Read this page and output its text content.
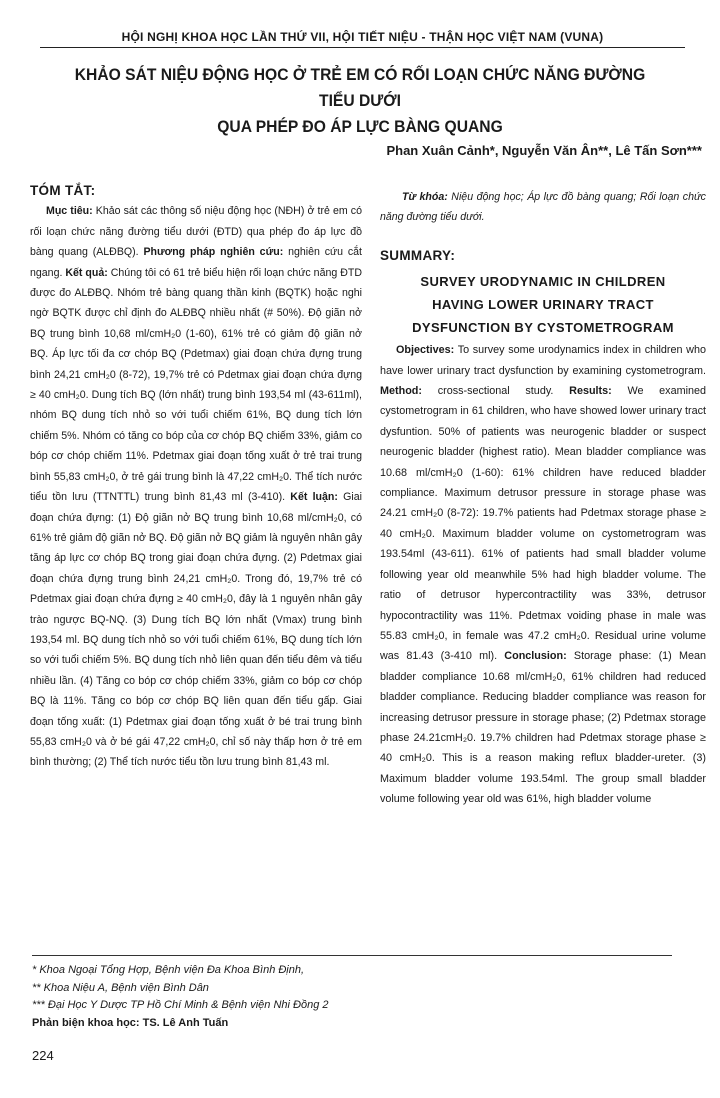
HỘI NGHỊ KHOA HỌC LẦN THỨ VII, HỘI TIẾT NIỆU - THẬN HỌC VIỆT NAM (VUNA)
KHẢO SÁT NIỆU ĐỘNG HỌC Ở TRẺ EM CÓ RỐI LOẠN CHỨC NĂNG ĐƯỜNG TIỂU DƯỚI
QUA PHÉP ĐO ÁP LỰC BÀNG QUANG
Phan Xuân Cảnh*, Nguyễn Văn Ân**, Lê Tấn Sơn***
TÓM TẮT:

Mục tiêu: Khảo sát các thông số niệu động học (NĐH) ở trẻ em có rối loạn chức năng đường tiểu dưới (ĐTD) qua phép đo áp lực đồ bàng quang (ALĐBQ). Phương pháp nghiên cứu: nghiên cứu cắt ngang. Kết quả: Chúng tôi có 61 trẻ biểu hiện rối loạn chức năng ĐTD được đo ALĐBQ. Nhóm trẻ bàng quang thần kinh (BQTK) hoặc nghi ngờ BQTK được chỉ định đo ALĐBQ nhiều nhất (# 50%). Độ giãn nở BQ trung bình 10,68 ml/cmH₂0 (1-60), 61% trẻ có giảm độ giãn nở BQ. Áp lực tối đa cơ chóp BQ (Pdetmax) giai đoạn chứa đựng trung bình 24,21 cmH₂0 (8-72), 19,7% trẻ có Pdetmax giai đoạn chứa đựng ≥ 40 cmH₂0. Dung tích BQ (lớn nhất) trung bình 193,54 ml (43-611ml), nhóm BQ dung tích nhỏ so với tuổi chiếm 61%, BQ dung tích lớn chiếm 5%. Nhóm có tăng co bóp của cơ chóp BQ chiếm 33%, giảm co bóp cơ chóp chiếm 11%. Pdetmax giai đoạn tống xuất ở trẻ trai trung bình 55,83 cmH₂0, ở trẻ gái trung bình là 47,22 cmH₂0. Thể tích nước tiểu tồn lưu (TTNTTL) trung bình 81,43 ml (3-410). Kết luận: Giai đoạn chứa đựng: (1) Độ giãn nở BQ trung bình 10,68 ml/cmH₂0, có 61% trẻ giảm độ giãn nở BQ. Độ giãn nở BQ giảm là nguyên nhân gây tăng áp lực cơ chóp BQ trong giai đoạn chứa đựng. (2) Pdetmax giai đoạn chứa đựng trung bình 24,21 cmH₂0. Trong đó, 19,7% trẻ có Pdetmax giai đoạn chứa đựng ≥ 40 cmH₂0, đây là 1 nguyên nhân gây trào ngược BQ-NQ. (3) Dung tích BQ lớn nhất (Vmax) trung bình 193,54 ml. BQ dung tích nhỏ so với tuổi chiếm 61%, BQ dung tích lớn so với tuổi chiếm 5%. BQ dung tích nhỏ liên quan đến tiểu đêm và tiểu nhiều lần. (4) Tăng co bóp cơ chóp chiếm 33%, giảm co bóp cơ chóp BQ là 11%. Tăng co bóp cơ chóp BQ liên quan đến tiểu gấp. Giai đoạn tống xuất: (1) Pdetmax giai đoạn tống xuất ở bé trai trung bình 55,83 cmH₂0 và ở bé gái 47,22 cmH₂0, chỉ số này thấp hơn ở trẻ em bình thường; (2) Thể tích nước tiểu tồn lưu trung bình 81,43 ml.

Từ khóa: Niệu động học; Áp lực đồ bàng quang; Rối loạn chức năng đường tiểu dưới.

SUMMARY:
SURVEY URODYNAMIC IN CHILDREN
HAVING LOWER URINARY TRACT
DYSFUNCTION BY CYSTOMETROGRAM

Objectives: To survey some urodynamics index in children who have lower urinary tract dysfunction by examining cystometrogram. Method: cross-sectional study. Results: We examined cystometrogram in 61 children, who have showed lower urinary tract dysfuntion. 50% of patients was neurogenic bladder or suspect neurogenic bladder (highest ratio). Mean bladder compliance was 10.68 ml/cmH₂0 (1-60): 61% children have reduced bladder compliance. Maximum detrusor pressure in storage phase was 24.21 cmH₂0 (8-72): 19.7% patients had Pdetmax storage phase ≥ 40 cmH₂0. Maximum bladder volume on cystometrogram was 193.54ml (43-611). 61% of patients had small bladder volume following year old meanwhile 5% had high bladder volume. The ratio of detrusor hypercontractility was 33%, detrusor hypocontractility was 11%. Pdetmax voiding phase in male was 55.83 cmH₂0, in female was 47.2 cmH₂0. Residual urine volume was 81.43 (3-410 ml). Conclusion: Storage phase: (1) Mean bladder compliance 10.68 ml/cmH₂0, 61% children had reduced bladder compliance. Reducing bladder compliance was reason for increasing detrusor pressure in storage phase; (2) Pdetmax storage phase 24.21cmH₂0. 19.7% children had Pdetmax storage phase ≥ 40 cmH₂0. This is a reason making reflux bladder-ureter. (3) Maximum bladder volume 193.54ml. The group small bladder volume following year old was 61%, high bladder volume

* Khoa Ngoại Tổng Hợp, Bệnh viện Đa Khoa Bình Định,
** Khoa Niệu A, Bệnh viện Bình Dân
*** Đại Học Y Dược TP Hồ Chí Minh & Bệnh viện Nhi Đồng 2
Phản biện khoa học: TS. Lê Anh Tuấn
224
